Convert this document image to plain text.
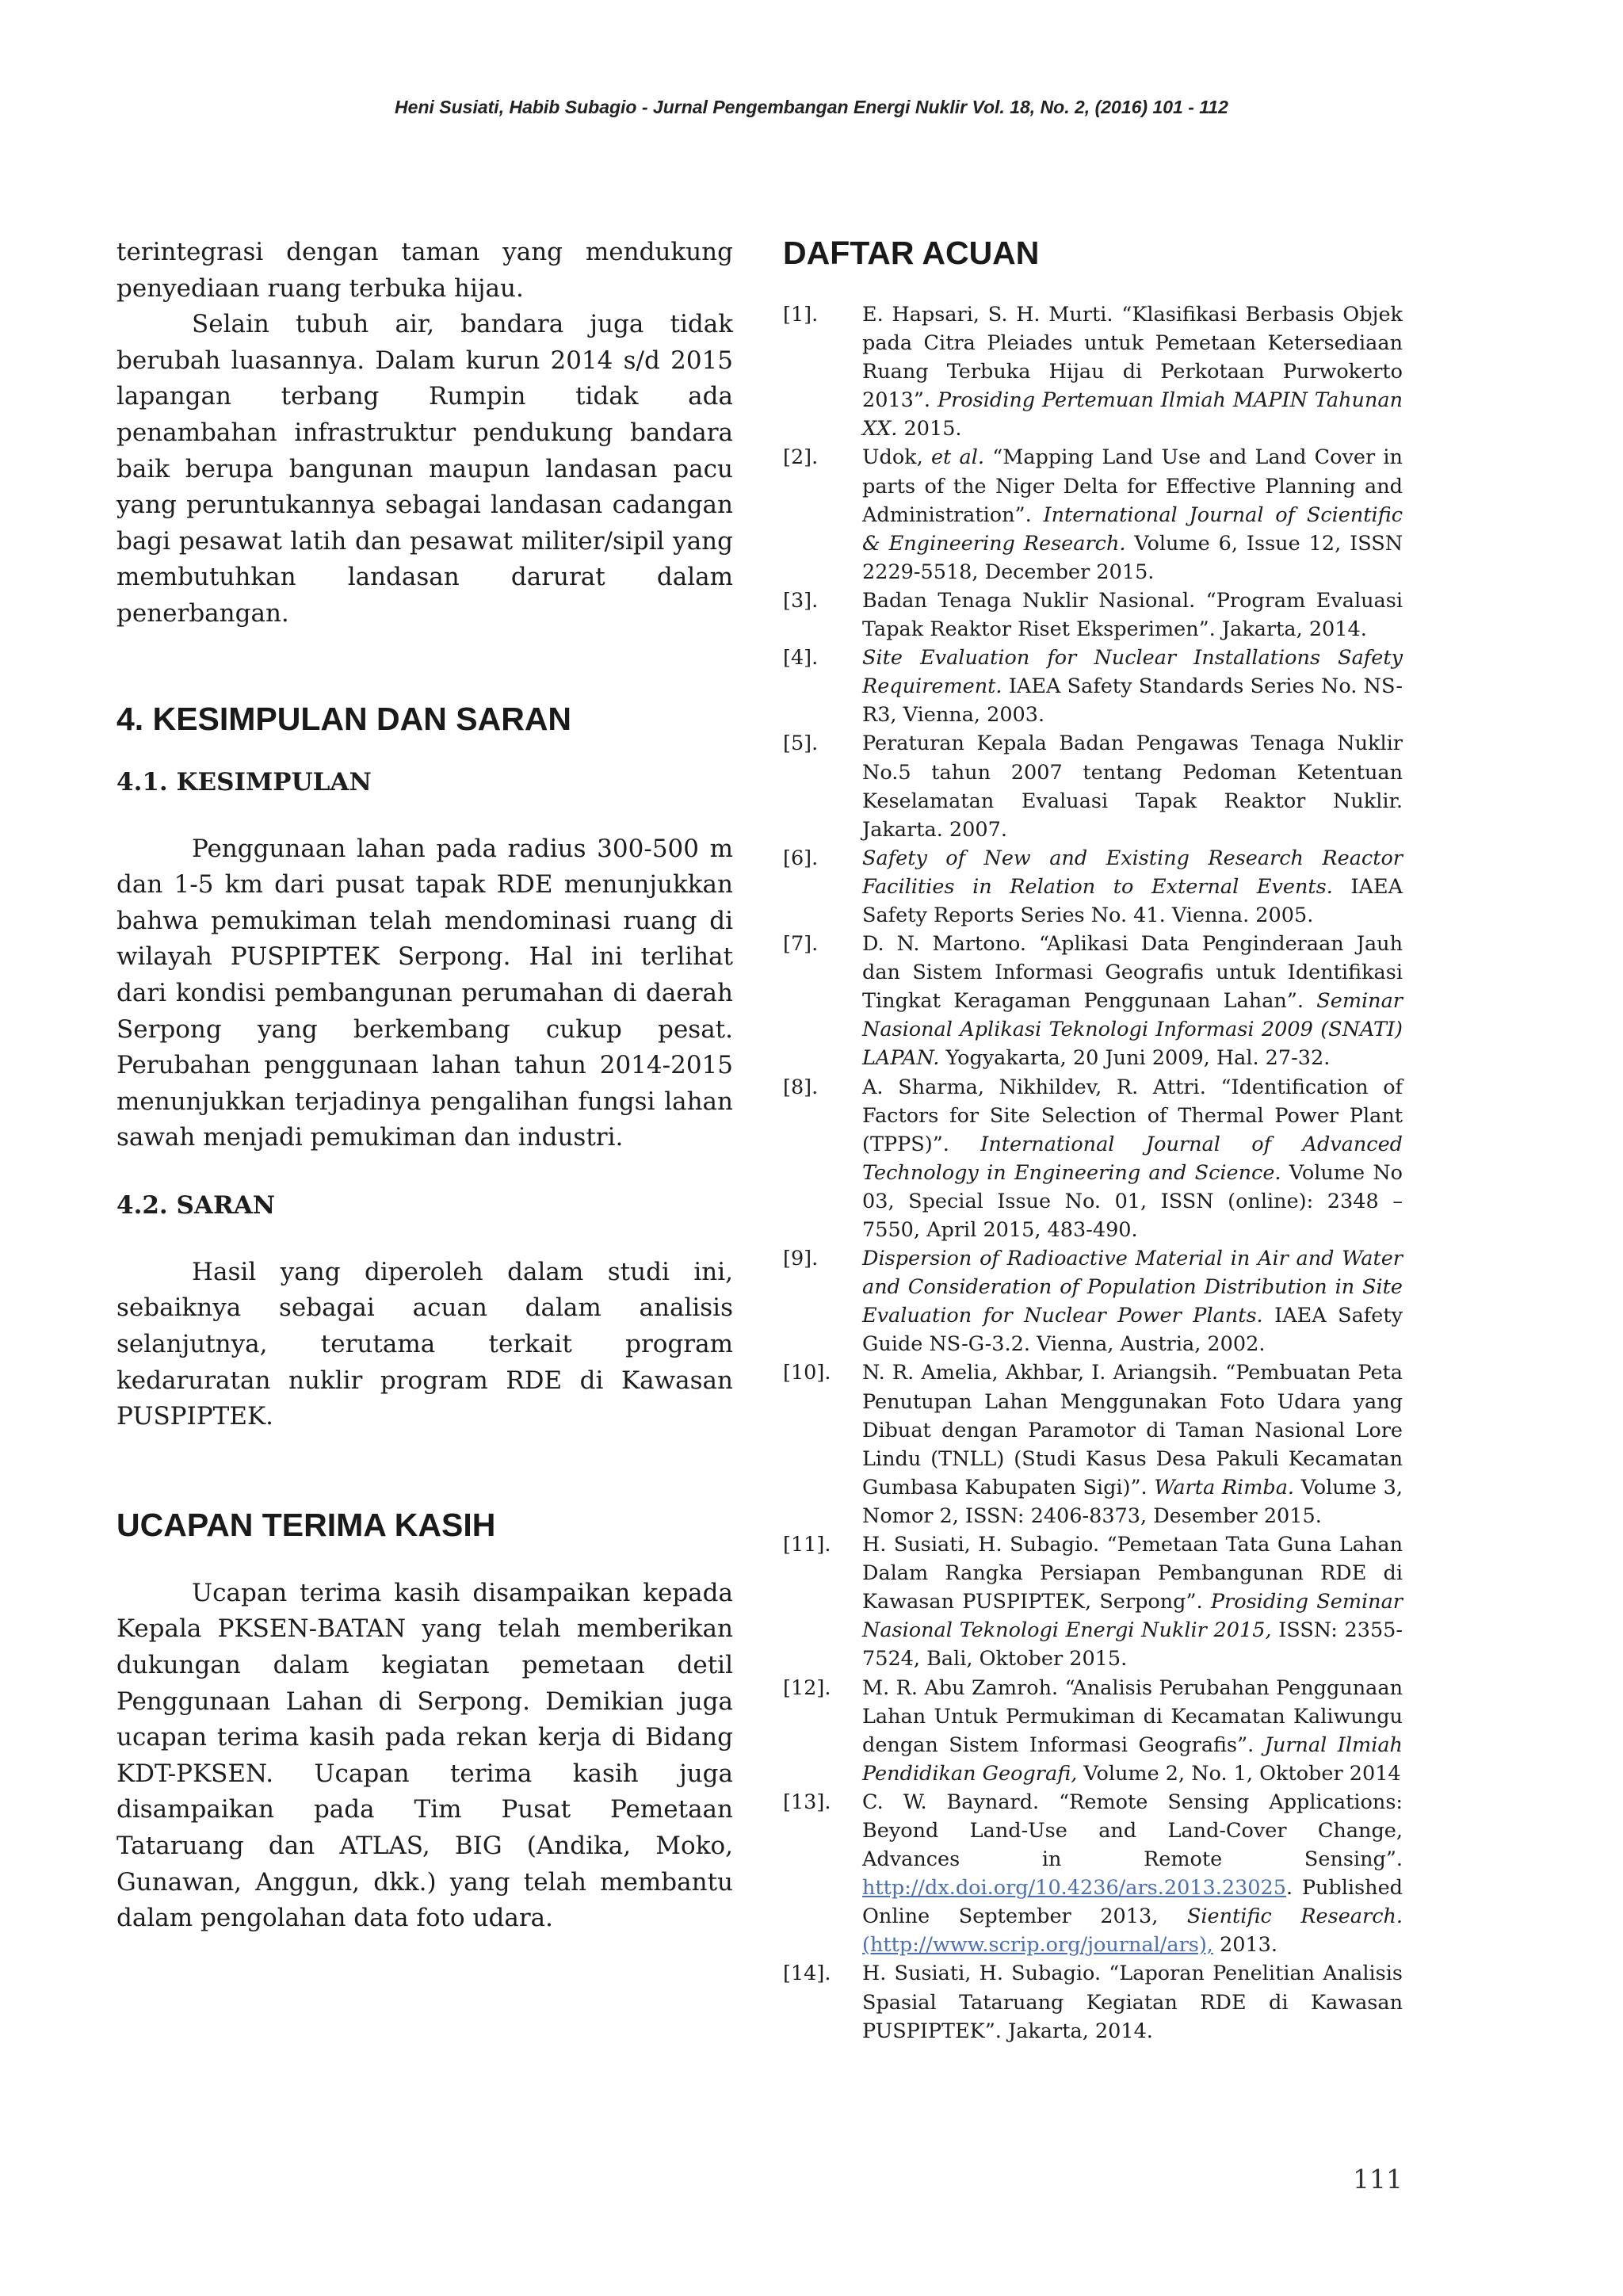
Heni Susiati, Habib Subagio - Jurnal Pengembangan Energi Nuklir Vol. 18, No. 2, (2016) 101 - 112

terintegrasi dengan taman yang mendukung penyediaan ruang terbuka hijau.

Selain tubuh air, bandara juga tidak berubah luasannya. Dalam kurun 2014 s/d 2015 lapangan terbang Rumpin tidak ada penambahan infrastruktur pendukung bandara baik berupa bangunan maupun landasan pacu yang peruntukannya sebagai landasan cadangan bagi pesawat latih dan pesawat militer/sipil yang membutuhkan landasan darurat dalam penerbangan.

4. KESIMPULAN DAN SARAN
4.1. KESIMPULAN

Penggunaan lahan pada radius 300-500 m dan 1-5 km dari pusat tapak RDE menunjukkan bahwa pemukiman telah mendominasi ruang di wilayah PUSPIPTEK Serpong. Hal ini terlihat dari kondisi pembangunan perumahan di daerah Serpong yang berkembang cukup pesat. Perubahan penggunaan lahan tahun 2014-2015 menunjukkan terjadinya pengalihan fungsi lahan sawah menjadi pemukiman dan industri.

4.2. SARAN

Hasil yang diperoleh dalam studi ini, sebaiknya sebagai acuan dalam analisis selanjutnya, terutama terkait program kedaruratan nuklir program RDE di Kawasan PUSPIPTEK.

UCAPAN TERIMA KASIH

Ucapan terima kasih disampaikan kepada Kepala PKSEN-BATAN yang telah memberikan dukungan dalam kegiatan pemetaan detil Penggunaan Lahan di Serpong. Demikian juga ucapan terima kasih pada rekan kerja di Bidang KDT-PKSEN. Ucapan terima kasih juga disampaikan pada Tim Pusat Pemetaan Tataruang dan ATLAS, BIG (Andika, Moko, Gunawan, Anggun, dkk.) yang telah membantu dalam pengolahan data foto udara.

DAFTAR ACUAN
[1].	E. Hapsari, S. H. Murti. “Klasifikasi Berbasis Objek pada Citra Pleiades untuk Pemetaan Ketersediaan Ruang Terbuka Hijau di Perkotaan Purwokerto 2013”. Prosiding Pertemuan Ilmiah MAPIN Tahunan XX. 2015.
[2].	Udok, et al. “Mapping Land Use and Land Cover in parts of the Niger Delta for Effective Planning and Administration”. International Journal of Scientific & Engineering Research. Volume 6, Issue 12, ISSN 2229-5518, December 2015.
[3].	Badan Tenaga Nuklir Nasional. “Program Evaluasi Tapak Reaktor Riset Eksperimen”. Jakarta, 2014.
[4].	Site Evaluation for Nuclear Installations Safety Requirement. IAEA Safety Standards Series No. NS-R3, Vienna, 2003.
[5].	Peraturan Kepala Badan Pengawas Tenaga Nuklir No.5 tahun 2007 tentang Pedoman Ketentuan Keselamatan Evaluasi Tapak Reaktor Nuklir. Jakarta. 2007.
[6].	Safety of New and Existing Research Reactor Facilities in Relation to External Events. IAEA Safety Reports Series No. 41. Vienna. 2005.
[7].	D. N. Martono. “Aplikasi Data Penginderaan Jauh dan Sistem Informasi Geografis untuk Identifikasi Tingkat Keragaman Penggunaan Lahan”. Seminar Nasional Aplikasi Teknologi Informasi 2009 (SNATI) LAPAN. Yogyakarta, 20 Juni 2009, Hal. 27-32.
[8].	A. Sharma, Nikhildev, R. Attri. “Identification of Factors for Site Selection of Thermal Power Plant (TPPS)”. International Journal of Advanced Technology in Engineering and Science. Volume No 03, Special Issue No. 01, ISSN (online): 2348 – 7550, April 2015, 483-490.
[9].	Dispersion of Radioactive Material in Air and Water and Consideration of Population Distribution in Site Evaluation for Nuclear Power Plants. IAEA Safety Guide NS-G-3.2. Vienna, Austria, 2002.
[10].	N. R. Amelia, Akhbar, I. Ariangsih. “Pembuatan Peta Penutupan Lahan Menggunakan Foto Udara yang Dibuat dengan Paramotor di Taman Nasional Lore Lindu (TNLL) (Studi Kasus Desa Pakuli Kecamatan Gumbasa Kabupaten Sigi)”. Warta Rimba. Volume 3, Nomor 2, ISSN: 2406-8373, Desember 2015.
[11].	H. Susiati, H. Subagio. “Pemetaan Tata Guna Lahan Dalam Rangka Persiapan Pembangunan RDE di Kawasan PUSPIPTEK, Serpong”. Prosiding Seminar Nasional Teknologi Energi Nuklir 2015, ISSN: 2355-7524, Bali, Oktober 2015.
[12].	M. R. Abu Zamroh. “Analisis Perubahan Penggunaan Lahan Untuk Permukiman di Kecamatan Kaliwungu dengan Sistem Informasi Geografis”. Jurnal Ilmiah Pendidikan Geografi, Volume 2, No. 1, Oktober 2014
[13].	C. W. Baynard. “Remote Sensing Applications: Beyond Land-Use and Land-Cover Change, Advances in Remote Sensing”. http://dx.doi.org/10.4236/ars.2013.23025. Published Online September 2013, Sientific Research. (http://www.scrip.org/journal/ars), 2013.
[14].	H. Susiati, H. Subagio. “Laporan Penelitian Analisis Spasial Tataruang Kegiatan RDE di Kawasan PUSPIPTEK”. Jakarta, 2014.
111
